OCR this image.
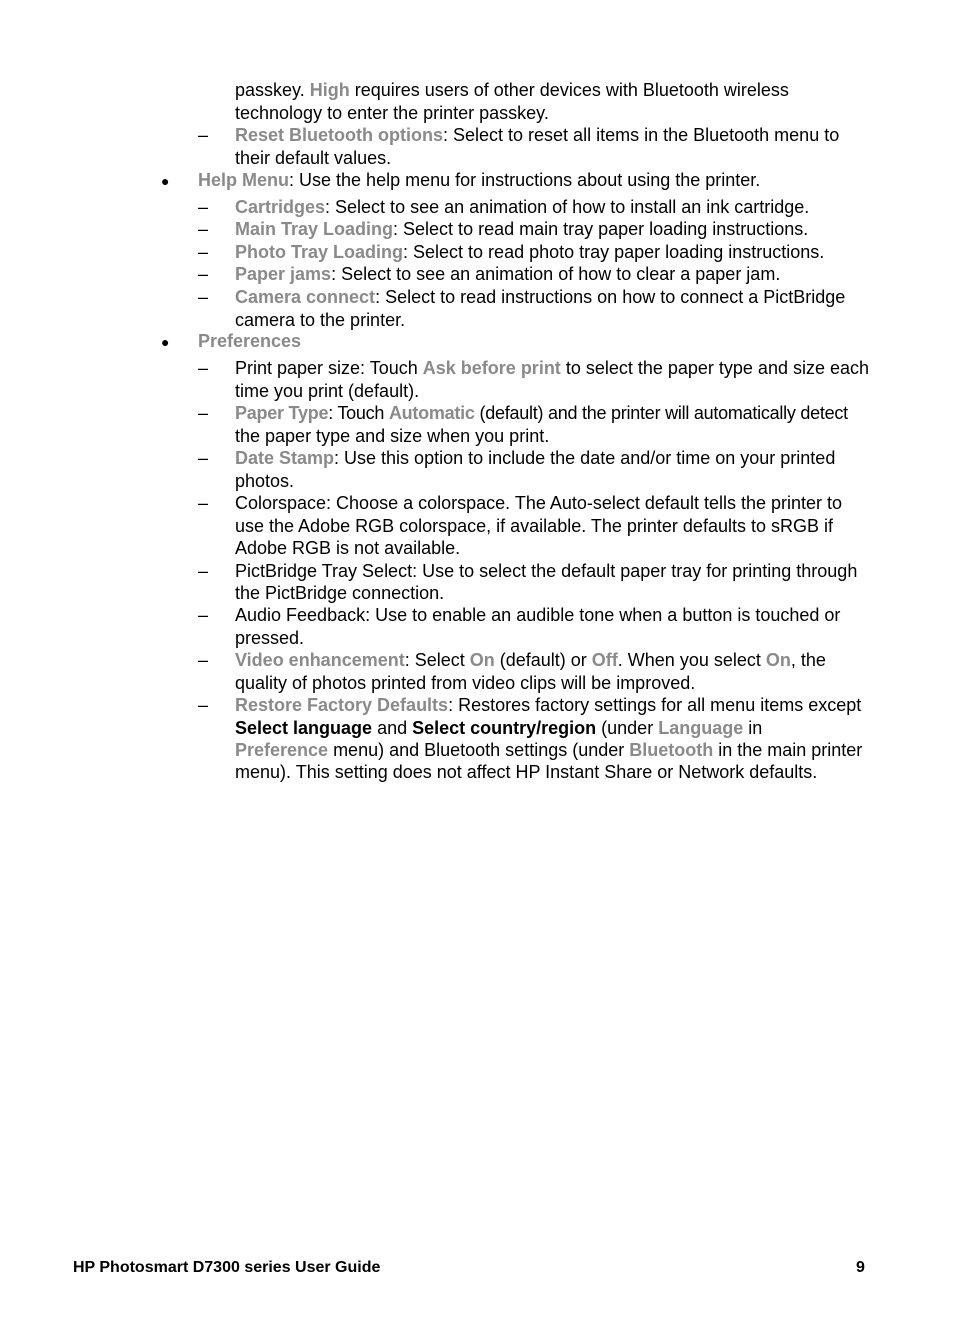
passkey. High requires users of other devices with Bluetooth wireless
technology to enter the printer passkey.
– Reset Bluetooth options: Select to reset all items in the Bluetooth menu to
their default values.
● Help Menu: Use the help menu for instructions about using the printer.
– Cartridges: Select to see an animation of how to install an ink cartridge.
– Main Tray Loading: Select to read main tray paper loading instructions.
– Photo Tray Loading: Select to read photo tray paper loading instructions.
– Paper jams: Select to see an animation of how to clear a paper jam.
– Camera connect: Select to read instructions on how to connect a PictBridge
camera to the printer.
● Preferences
– Print paper size: Touch Ask before print to select the paper type and size each
time you print (default).
– Paper Type: Touch Automatic (default) and the printer will automatically detect
the paper type and size when you print.
– Date Stamp: Use this option to include the date and/or time on your printed
photos.
– Colorspace: Choose a colorspace. The Auto-select default tells the printer to
use the Adobe RGB colorspace, if available. The printer defaults to sRGB if
Adobe RGB is not available.
– PictBridge Tray Select: Use to select the default paper tray for printing through
the PictBridge connection.
– Audio Feedback: Use to enable an audible tone when a button is touched or
pressed.
– Video enhancement: Select On (default) or Off. When you select On, the
quality of photos printed from video clips will be improved.
– Restore Factory Defaults: Restores factory settings for all menu items except
Select language and Select country/region (under Language in
Preference menu) and Bluetooth settings (under Bluetooth in the main printer
menu). This setting does not affect HP Instant Share or Network defaults.
HP Photosmart D7300 series User Guide	9
